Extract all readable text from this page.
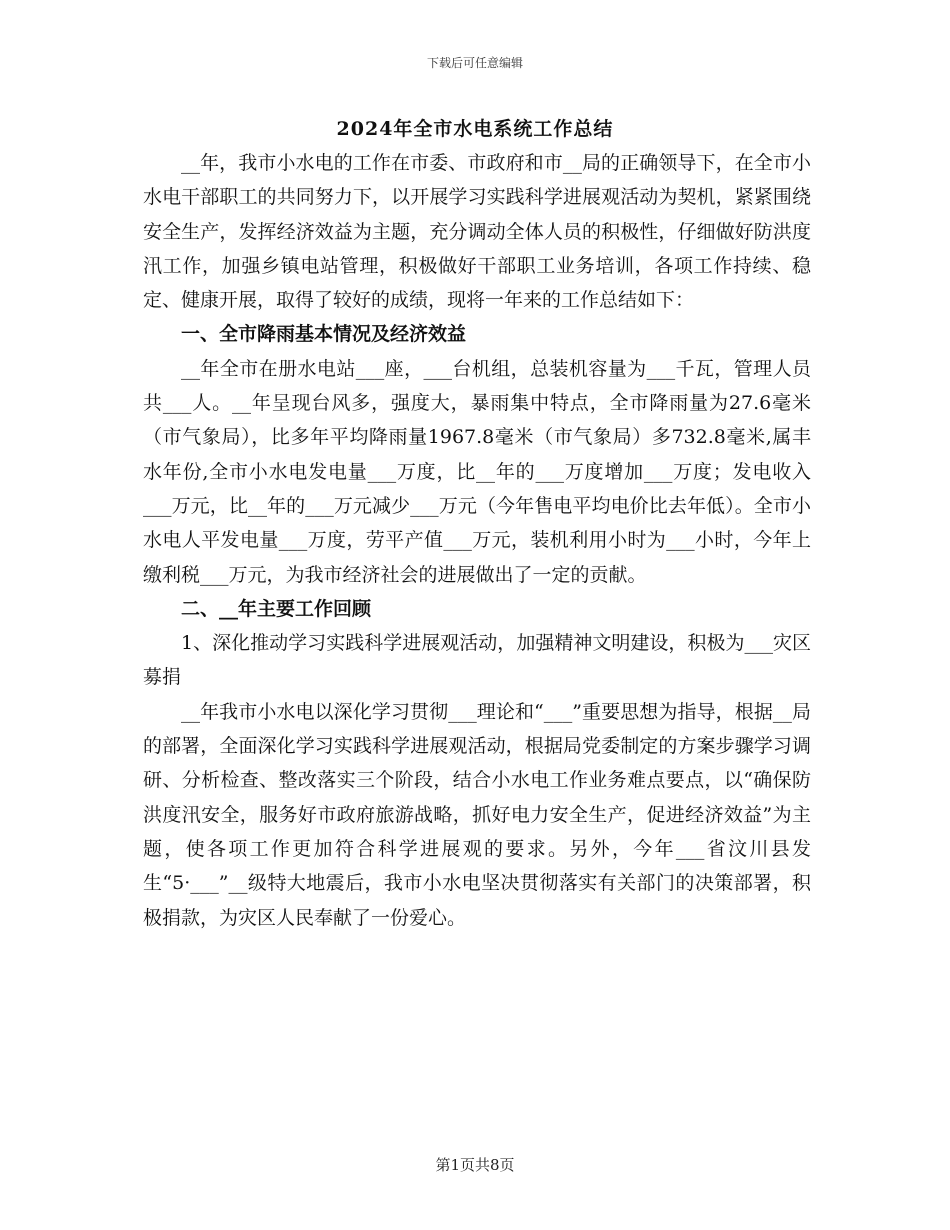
下载后可任意编辑
2024年全市水电系统工作总结

__年，我市小水电的工作在市委、市政府和市__局的正确领导下，在全市小水电干部职工的共同努力下，以开展学习实践科学进展观活动为契机，紧紧围绕安全生产，发挥经济效益为主题，充分调动全体人员的积极性，仔细做好防洪度汛工作，加强乡镇电站管理，积极做好干部职工业务培训，各项工作持续、稳定、健康开展，取得了较好的成绩，现将一年来的工作总结如下：

一、全市降雨基本情况及经济效益

__年全市在册水电站___座，___台机组，总装机容量为___千瓦，管理人员共___人。__年呈现台风多，强度大，暴雨集中特点，全市降雨量为27.6毫米（市气象局），比多年平均降雨量1967.8毫米（市气象局）多732.8毫米,属丰水年份,全市小水电发电量___万度，比__年的___万度增加___万度；发电收入___万元，比__年的___万元减少___万元（今年售电平均电价比去年低）。全市小水电人平发电量___万度，劳平产值___万元，装机利用小时为___小时，今年上缴利税___万元，为我市经济社会的进展做出了一定的贡献。

二、__年主要工作回顾

1、深化推动学习实践科学进展观活动，加强精神文明建设，积极为___灾区募捐

__年我市小水电以深化学习贯彻___理论和“___”重要思想为指导，根据__局的部署，全面深化学习实践科学进展观活动，根据局党委制定的方案步骤学习调研、分析检查、整改落实三个阶段，结合小水电工作业务难点要点，以“确保防洪度汛安全，服务好市政府旅游战略，抓好电力安全生产，促进经济效益”为主题，使各项工作更加符合科学进展观的要求。另外，今年___省汶川县发生“5·___”__级特大地震后，我市小水电坚决贯彻落实有关部门的决策部署，积极捐款，为灾区人民奉献了一份爱心。

第1页共8页
